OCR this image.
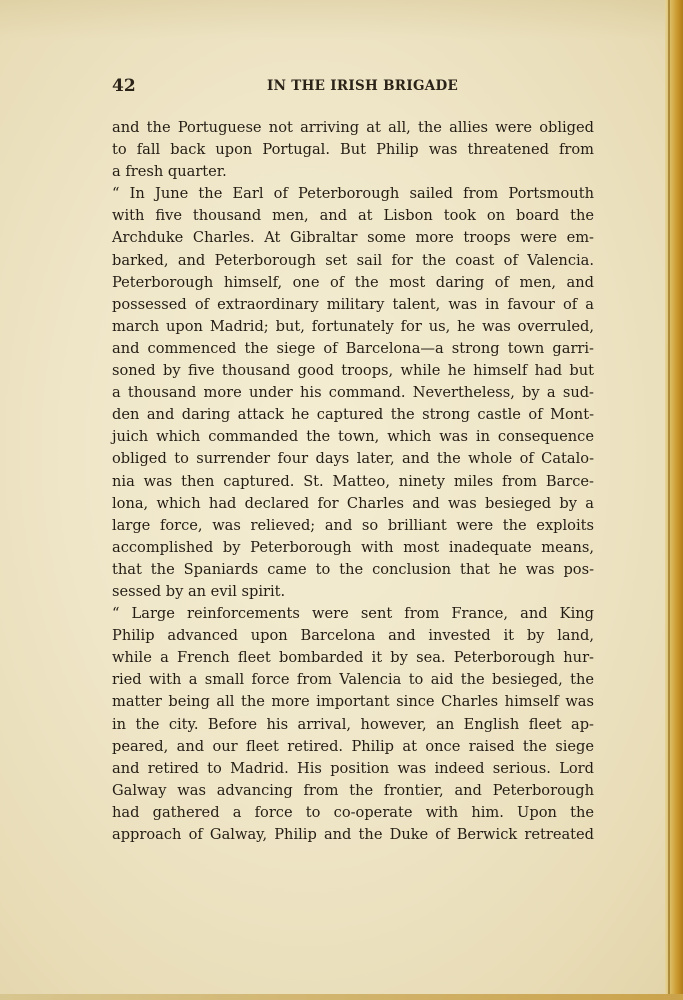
42	IN THE IRISH BRIGADE
and the Portuguese not arriving at all, the allies were obliged
to fall back upon Portugal. But Philip was threatened from
a fresh quarter.
“ In June the Earl of Peterborough sailed from Portsmouth
with five thousand men, and at Lisbon took on board the
Archduke Charles. At Gibraltar some more troops were em-
barked, and Peterborough set sail for the coast of Valencia.
Peterborough himself, one of the most daring of men, and
possessed of extraordinary military talent, was in favour of a
march upon Madrid; but, fortunately for us, he was overruled,
and commenced the siege of Barcelona—a strong town garri-
soned by five thousand good troops, while he himself had but
a thousand more under his command. Nevertheless, by a sud-
den and daring attack he captured the strong castle of Mont-
juich which commanded the town, which was in consequence
obliged to surrender four days later, and the whole of Catalo-
nia was then captured. St. Matteo, ninety miles from Barce-
lona, which had declared for Charles and was besieged by a
large force, was relieved; and so brilliant were the exploits
accomplished by Peterborough with most inadequate means,
that the Spaniards came to the conclusion that he was pos-
sessed by an evil spirit.
“ Large reinforcements were sent from France, and King
Philip advanced upon Barcelona and invested it by land,
while a French fleet bombarded it by sea. Peterborough hur-
ried with a small force from Valencia to aid the besieged, the
matter being all the more important since Charles himself was
in the city. Before his arrival, however, an English fleet ap-
peared, and our fleet retired. Philip at once raised the siege
and retired to Madrid. His position was indeed serious. Lord
Galway was advancing from the frontier, and Peterborough
had gathered a force to co-operate with him. Upon the
approach of Galway, Philip and the Duke of Berwick retreated
